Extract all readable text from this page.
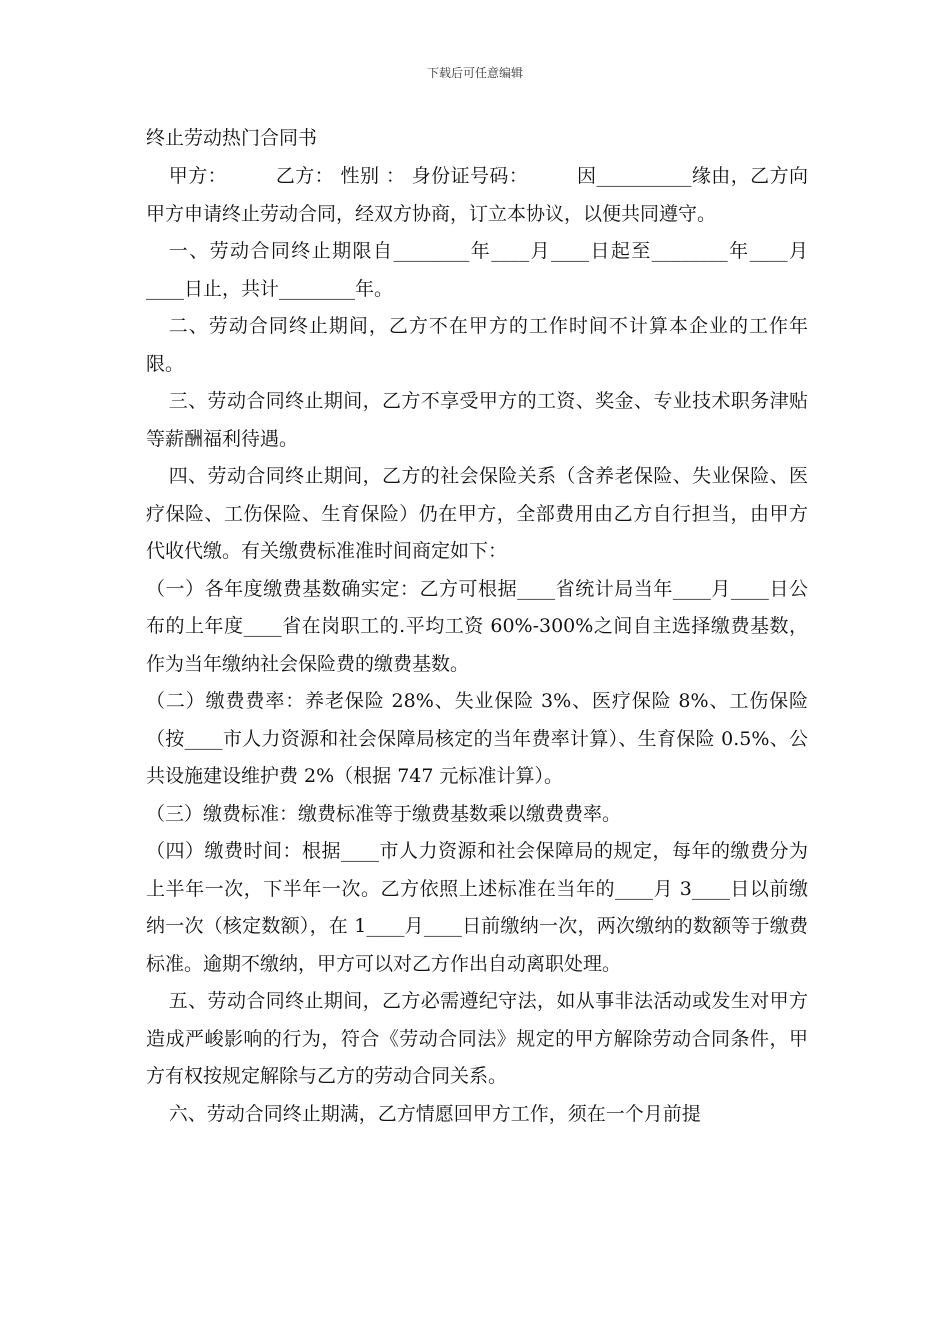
下载后可任意编辑
终止劳动热门合同书

甲方：　　　乙方： 性别 ： 身份证号码：　　　因__________缘由，乙方向甲方申请终止劳动合同，经双方协商，订立本协议，以便共同遵守。

一、劳动合同终止期限自________年____月____日起至________年____月____日止，共计________年。

二、劳动合同终止期间，乙方不在甲方的工作时间不计算本企业的工作年限。

三、劳动合同终止期间，乙方不享受甲方的工资、奖金、专业技术职务津贴等薪酬福利待遇。

四、劳动合同终止期间，乙方的社会保险关系（含养老保险、失业保险、医疗保险、工伤保险、生育保险）仍在甲方，全部费用由乙方自行担当，由甲方代收代缴。有关缴费标准准时间商定如下：

（一）各年度缴费基数确实定：乙方可根据____省统计局当年____月____日公布的上年度____省在岗职工的.平均工资 60%-300%之间自主选择缴费基数，作为当年缴纳社会保险费的缴费基数。

（二）缴费费率：养老保险 28%、失业保险 3%、医疗保险 8%、工伤保险（按____市人力资源和社会保障局核定的当年费率计算）、生育保险 0.5%、公共设施建设维护费 2%（根据 747 元标准计算）。

（三）缴费标准：缴费标准等于缴费基数乘以缴费费率。

（四）缴费时间：根据____市人力资源和社会保障局的规定，每年的缴费分为上半年一次，下半年一次。乙方依照上述标准在当年的____月 3____日以前缴纳一次（核定数额），在 1____月____日前缴纳一次，两次缴纳的数额等于缴费标准。逾期不缴纳，甲方可以对乙方作出自动离职处理。

五、劳动合同终止期间，乙方必需遵纪守法，如从事非法活动或发生对甲方造成严峻影响的行为，符合《劳动合同法》规定的甲方解除劳动合同条件，甲方有权按规定解除与乙方的劳动合同关系。

六、劳动合同终止期满，乙方情愿回甲方工作，须在一个月前提
